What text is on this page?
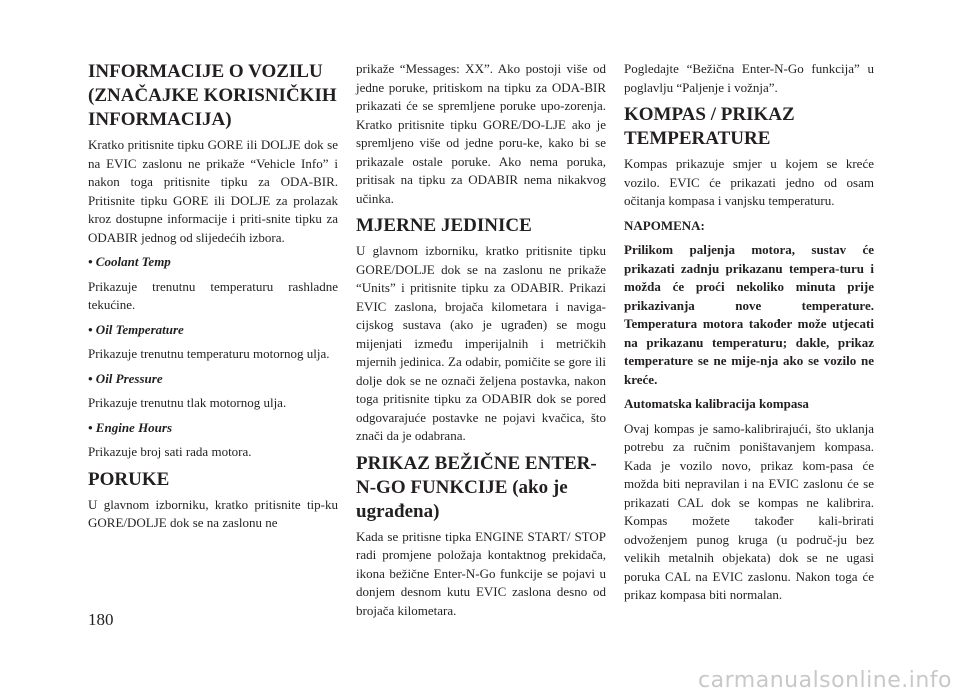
INFORMACIJE O VOZILU (ZNAČAJKE KORISNIČKIH INFORMACIJA)

Kratko pritisnite tipku GORE ili DOLJE dok se na EVIC zaslonu ne prikaže “Vehicle Info” i nakon toga pritisnite tipku za ODA-BIR. Pritisnite tipku GORE ili DOLJE za prolazak kroz dostupne informacije i priti-snite tipku za ODABIR jednog od slijedećih izbora.

• Coolant Temp

Prikazuje trenutnu temperaturu rashladne tekućine.

• Oil Temperature

Prikazuje trenutnu temperaturu motornog ulja.

• Oil Pressure

Prikazuje trenutnu tlak motornog ulja.

• Engine Hours

Prikazuje broj sati rada motora.

PORUKE

U glavnom izborniku, kratko pritisnite tip-ku GORE/DOLJE dok se na zaslonu ne

prikaže “Messages: XX”. Ako postoji više od jedne poruke, pritiskom na tipku za ODA-BIR prikazati će se spremljene poruke upo-zorenja. Kratko pritisnite tipku GORE/DO-LJE ako je spremljeno više od jedne poru-ke, kako bi se prikazale ostale poruke. Ako nema poruka, pritisak na tipku za ODABIR nema nikakvog učinka.

MJERNE JEDINICE

U glavnom izborniku, kratko pritisnite tipku GORE/DOLJE dok se na zaslonu ne prikaže “Units” i pritisnite tipku za ODABIR. Prikazi EVIC zaslona, brojača kilometara i naviga-cijskog sustava (ako je ugrađen) se mogu mijenjati između imperijalnih i metričkih mjernih jedinica. Za odabir, pomičite se gore ili dolje dok se ne označi željena postavka, nakon toga pritisnite tipku za ODABIR dok se pored odgovarajuće postavke ne pojavi kvačica, što znači da je odabrana.

PRIKAZ BEŽIČNE ENTER-N-GO FUNKCIJE (ako je ugrađena)

Kada se pritisne tipka ENGINE START/ STOP radi promjene položaja kontaktnog prekidača, ikona bežične Enter-N-Go funkcije se pojavi u donjem desnom kutu EVIC zaslona desno od brojača kilometara.

Pogledajte “Bežična Enter-N-Go funkcija” u poglavlju “Paljenje i vožnja”.

KOMPAS / PRIKAZ TEMPERATURE

Kompas prikazuje smjer u kojem se kreće vozilo. EVIC će prikazati jedno od osam očitanja kompasa i vanjsku temperaturu.

NAPOMENA:

Prilikom paljenja motora, sustav će prikazati zadnju prikazanu tempera-turu i možda će proći nekoliko minuta prije prikazivanja nove temperature. Temperatura motora također može utjecati na prikazanu temperaturu; dakle, prikaz temperature se ne mije-nja ako se vozilo ne kreće.

Automatska kalibracija kompasa

Ovaj kompas je samo-kalibrirajući, što uklanja potrebu za ručnim poništavanjem kompasa. Kada je vozilo novo, prikaz kom-pasa će možda biti nepravilan i na EVIC zaslonu će se prikazati CAL dok se kompas ne kalibrira. Kompas možete također kali-brirati odvoženjem punog kruga (u područ-ju bez velikih metalnih objekata) dok se ne ugasi poruka CAL na EVIC zaslonu. Nakon toga će prikaz kompasa biti normalan.

180
carmanualsonline.info
